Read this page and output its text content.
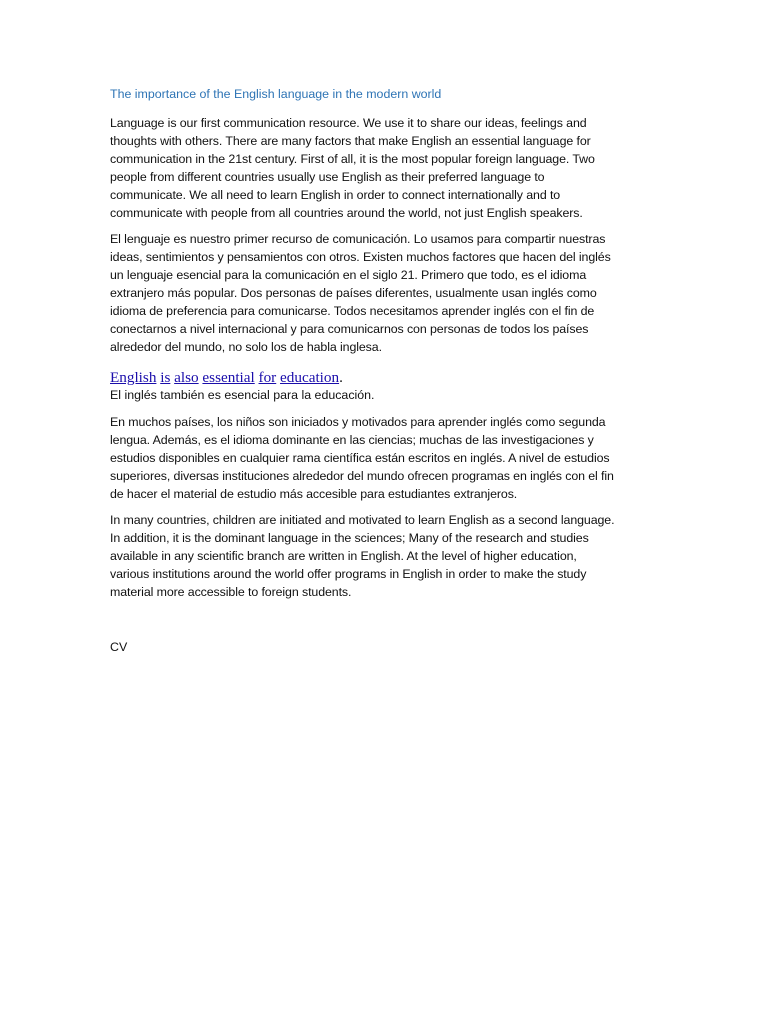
The importance of the English language in the modern world
Language is our first communication resource. We use it to share our ideas, feelings and
thoughts with others. There are many factors that make English an essential language for
communication in the 21st century. First of all, it is the most popular foreign language. Two
people from different countries usually use English as their preferred language to
communicate. We all need to learn English in order to connect internationally and to
communicate with people from all countries around the world, not just English speakers.
El lenguaje es nuestro primer recurso de comunicación. Lo usamos para compartir nuestras
ideas, sentimientos y pensamientos con otros. Existen muchos factores que hacen del inglés
un lenguaje esencial para la comunicación en el siglo 21. Primero que todo, es el idioma
extranjero más popular. Dos personas de países diferentes, usualmente usan inglés como
idioma de preferencia para comunicarse. Todos necesitamos aprender inglés con el fin de
conectarnos a nivel internacional y para comunicarnos con personas de todos los países
alrededor del mundo, no solo los de habla inglesa.
English is also essential for education.
El inglés también es esencial para la educación.
En muchos países, los niños son iniciados y motivados para aprender inglés como segunda
lengua. Además, es el idioma dominante en las ciencias; muchas de las investigaciones y
estudios disponibles en cualquier rama científica están escritos en inglés. A nivel de estudios
superiores, diversas instituciones alrededor del mundo ofrecen programas en inglés con el fin
de hacer el material de estudio más accesible para estudiantes extranjeros.
In many countries, children are initiated and motivated to learn English as a second language.
In addition, it is the dominant language in the sciences; Many of the research and studies
available in any scientific branch are written in English. At the level of higher education,
various institutions around the world offer programs in English in order to make the study
material more accessible to foreign students.
CV
